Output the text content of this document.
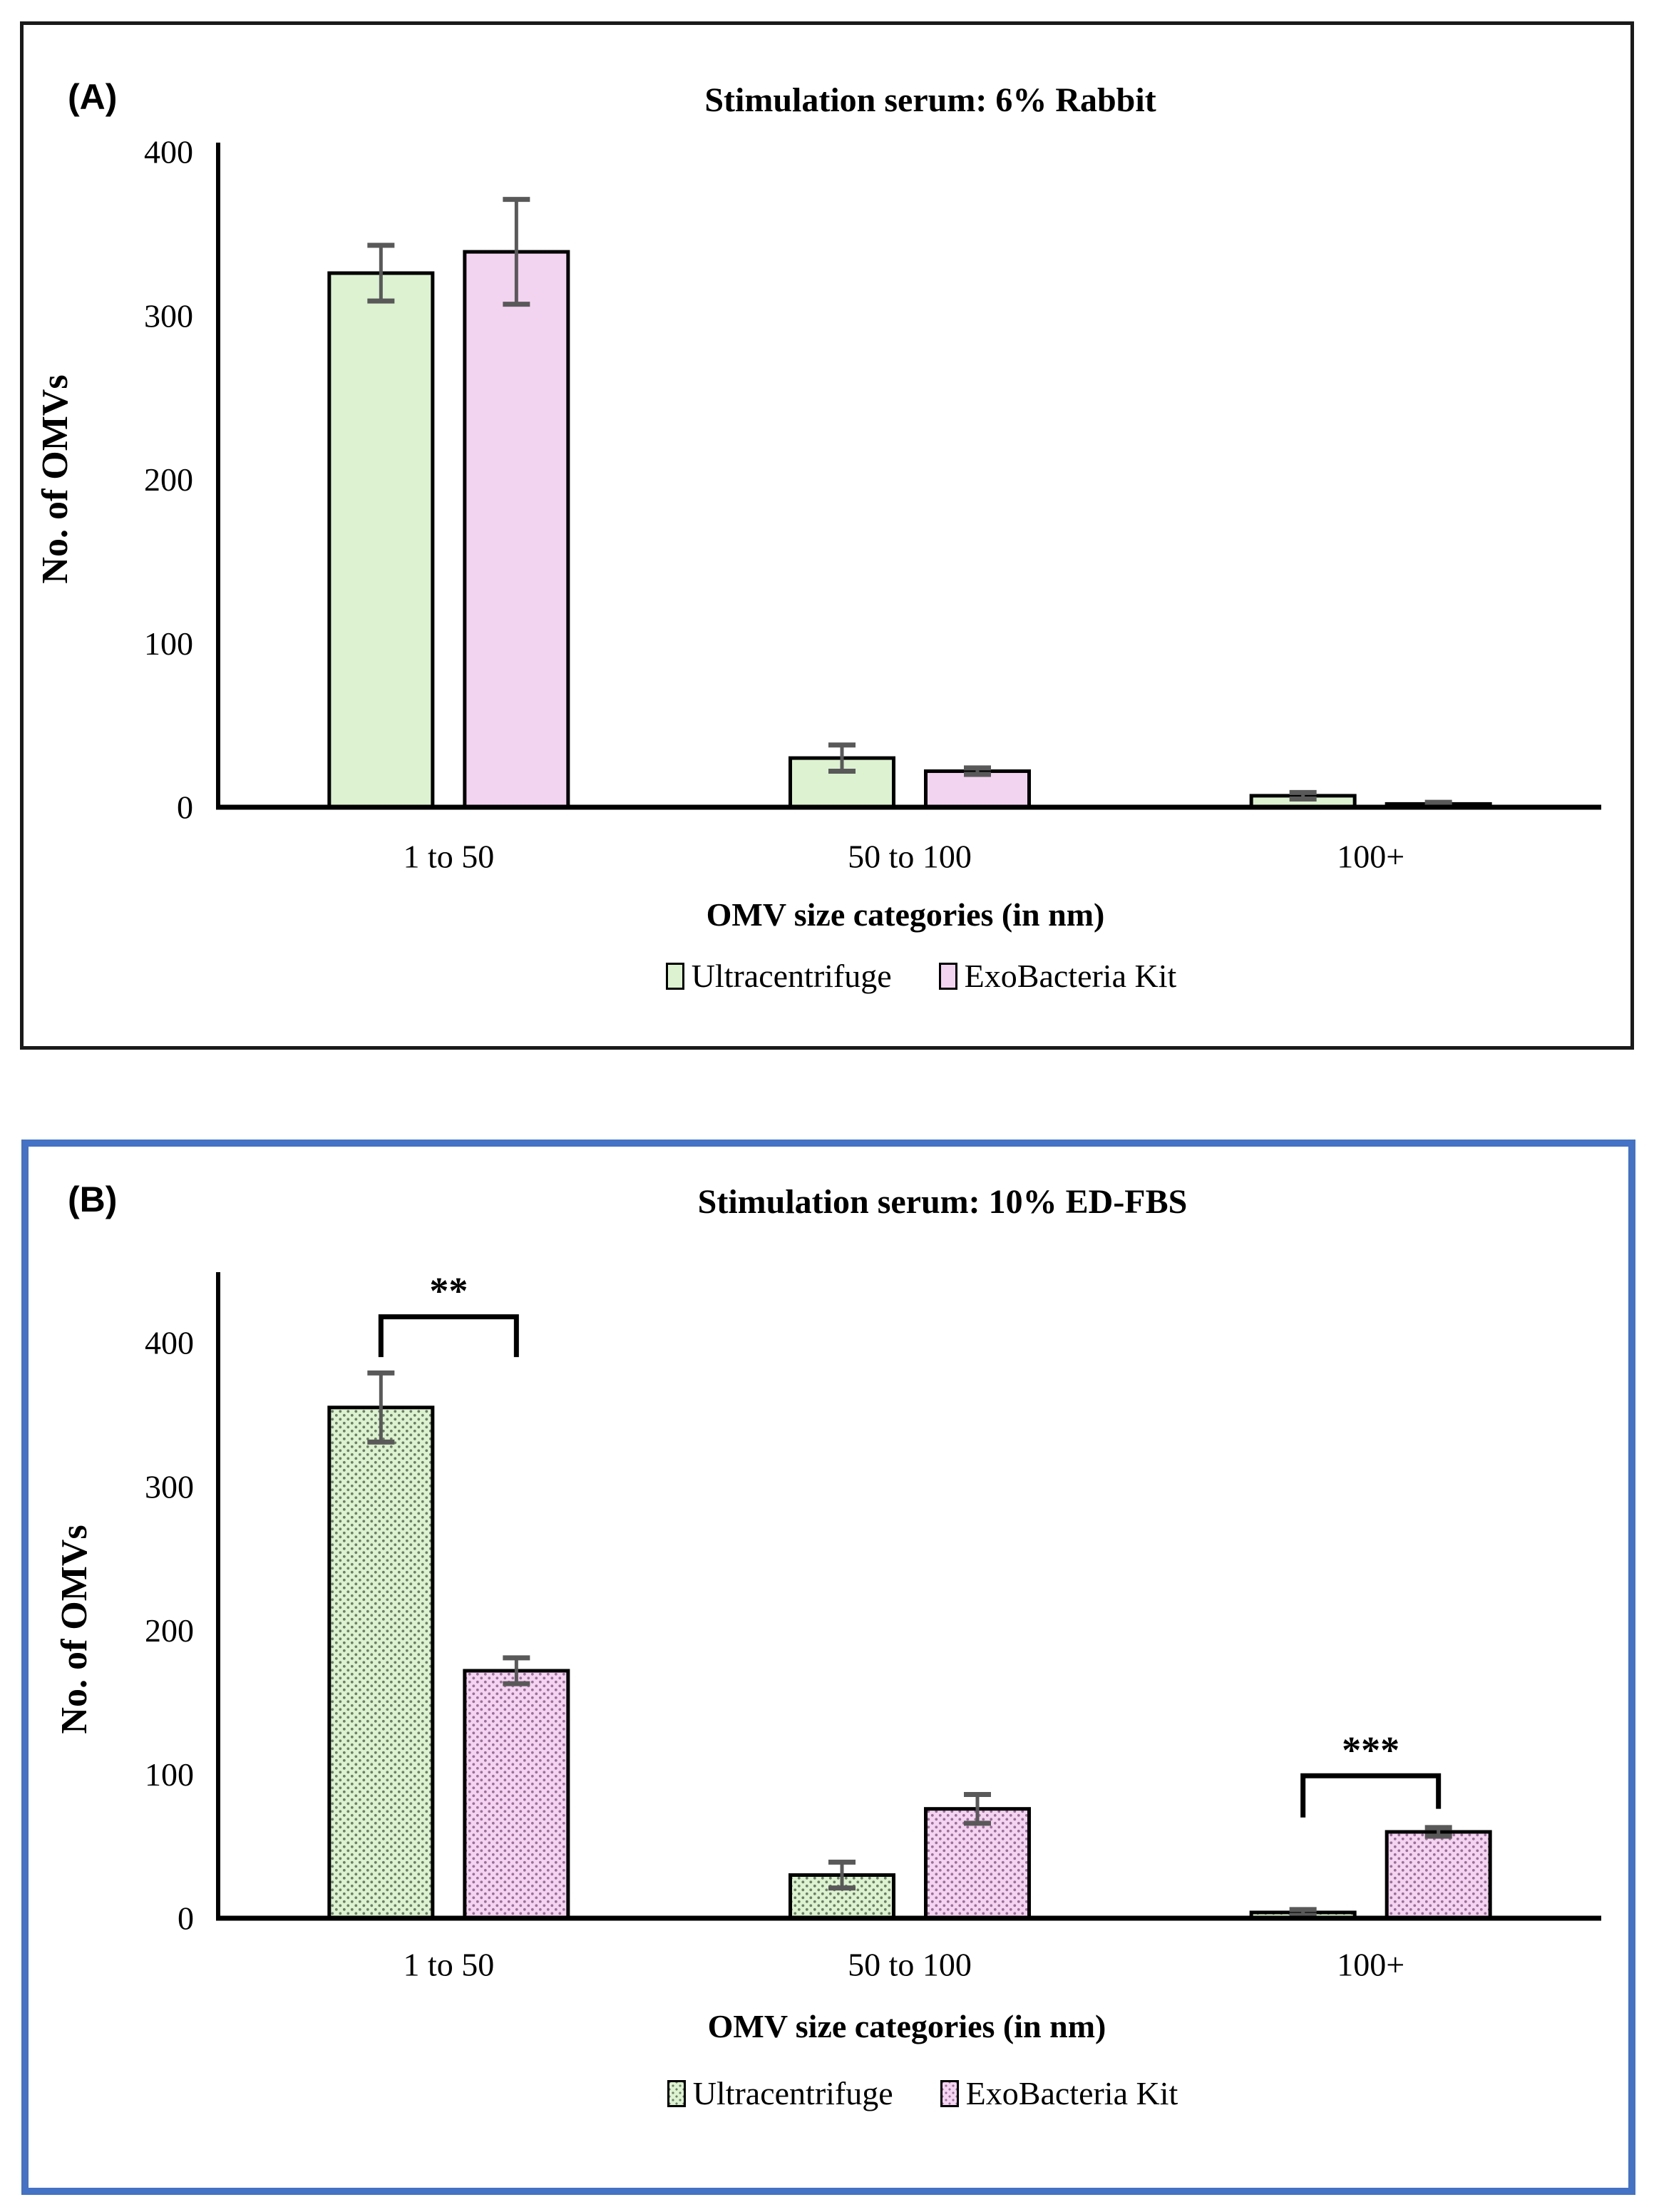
(A)	Stimulation serum: 6% Rabbit
No. of OMVs
400
300
200
100
0
1 to 50	50 to 100	100+
OMV size categories (in nm)
Ultracentrifuge ExoBacteria Kit
(B)	Stimulation serum: 10% ED-FBS
No. of OMVs
400
300
200
100
0
1 to 50	50 to 100	100+
**
***
OMV size categories (in nm)
Ultracentrifuge ExoBacteria Kit
